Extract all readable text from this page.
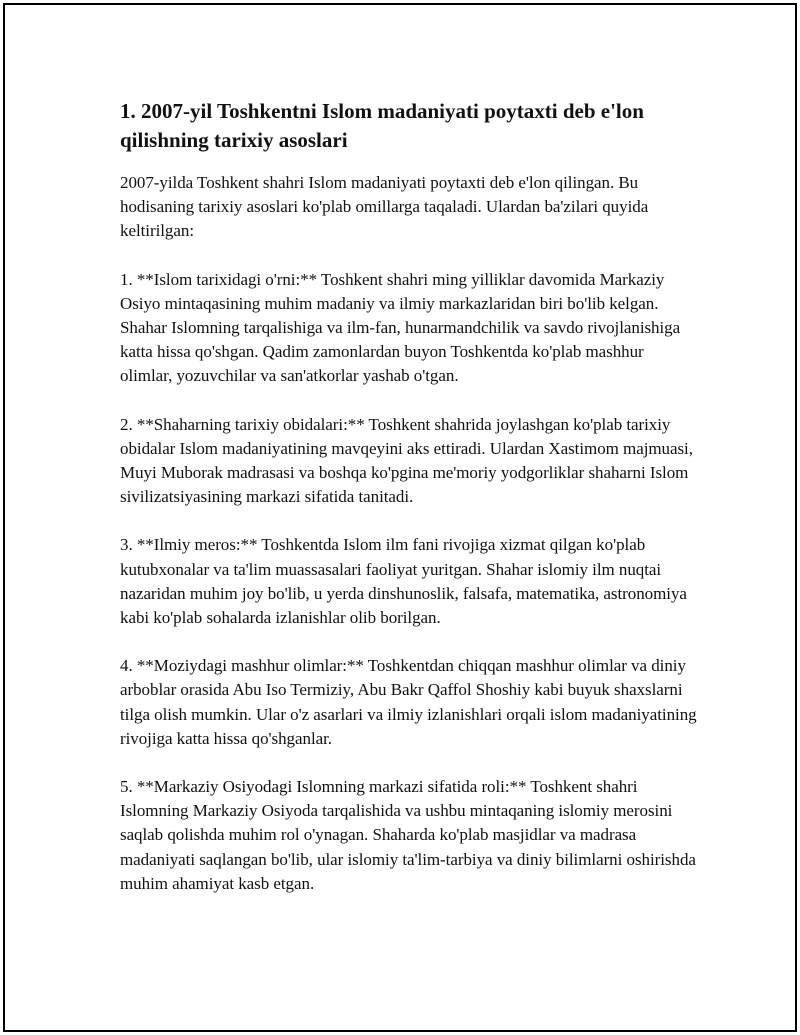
1. 2007-yil Toshkentni Islom madaniyati poytaxti deb e'lon qilishning tarixiy asoslari

2007-yilda Toshkent shahri Islom madaniyati poytaxti deb e'lon qilingan. Bu hodisaning tarixiy asoslari ko'plab omillarga taqaladi. Ulardan ba'zilari quyida keltirilgan:

1. **Islom tarixidagi o'rni:** Toshkent shahri ming yilliklar davomida Markaziy Osiyo mintaqasining muhim madaniy va ilmiy markazlaridan biri bo'lib kelgan. Shahar Islomning tarqalishiga va ilm-fan, hunarmandchilik va savdo rivojlanishiga katta hissa qo'shgan. Qadim zamonlardan buyon Toshkentda ko'plab mashhur olimlar, yozuvchilar va san'atkorlar yashab o'tgan.

2. **Shaharning tarixiy obidalari:** Toshkent shahrida joylashgan ko'plab tarixiy obidalar Islom madaniyatining mavqeyini aks ettiradi. Ulardan Xastimom majmuasi, Muyi Muborak madrasasi va boshqa ko'pgina me'moriy yodgorliklar shaharni Islom sivilizatsiyasining markazi sifatida tanitadi.

3. **Ilmiy meros:** Toshkentda Islom ilm fani rivojiga xizmat qilgan ko'plab kutubxonalar va ta'lim muassasalari faoliyat yuritgan. Shahar islomiy ilm nuqtai nazaridan muhim joy bo'lib, u yerda dinshunoslik, falsafa, matematika, astronomiya kabi ko'plab sohalarda izlanishlar olib borilgan.

4. **Moziydagi mashhur olimlar:** Toshkentdan chiqqan mashhur olimlar va diniy arboblar orasida Abu Iso Termiziy, Abu Bakr Qaffol Shoshiy kabi buyuk shaxslarni tilga olish mumkin. Ular o'z asarlari va ilmiy izlanishlari orqali islom madaniyatining rivojiga katta hissa qo'shganlar.

5. **Markaziy Osiyodagi Islomning markazi sifatida roli:** Toshkent shahri Islomning Markaziy Osiyoda tarqalishida va ushbu mintaqaning islomiy merosini saqlab qolishda muhim rol o'ynagan. Shaharda ko'plab masjidlar va madrasa madaniyati saqlangan bo'lib, ular islomiy ta'lim-tarbiya va diniy bilimlarni oshirishda muhim ahamiyat kasb etgan.
